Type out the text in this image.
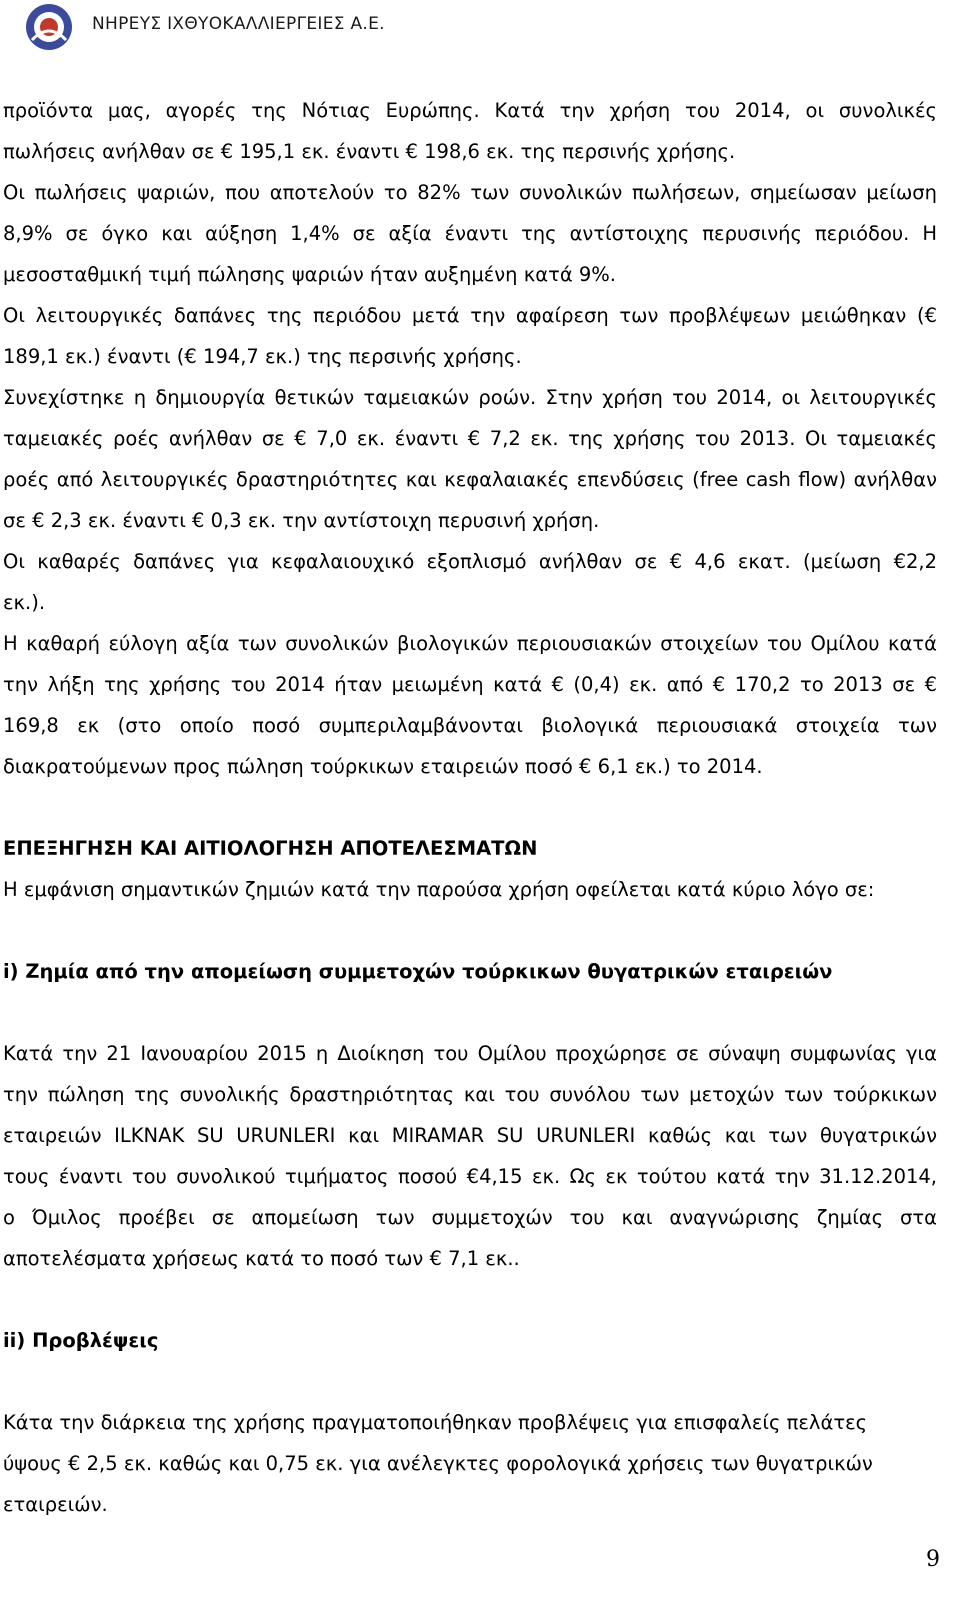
ΝΗΡΕΥΣ ΙΧΘΥΟΚΑΛΛΙΕΡΓΕΙΕΣ Α.Ε.

προϊόντα μας, αγορές της Νότιας Ευρώπης. Κατά την χρήση του 2014, οι συνολικές

πωλήσεις ανήλθαν σε € 195,1 εκ. έναντι € 198,6 εκ. της περσινής χρήσης.

Οι πωλήσεις ψαριών, που αποτελούν το 82% των συνολικών πωλήσεων, σημείωσαν μείωση

8,9% σε όγκο και αύξηση 1,4% σε αξία έναντι της αντίστοιχης περυσινής περιόδου. Η

μεσοσταθμική τιμή πώλησης ψαριών ήταν αυξημένη κατά 9%.

Οι λειτουργικές δαπάνες της περιόδου μετά την αφαίρεση των προβλέψεων μειώθηκαν (€

189,1 εκ.) έναντι (€ 194,7 εκ.) της περσινής χρήσης.

Συνεχίστηκε η δημιουργία θετικών ταμειακών ροών. Στην χρήση του 2014, οι λειτουργικές

ταμειακές ροές ανήλθαν σε € 7,0 εκ. έναντι € 7,2 εκ. της χρήσης του 2013. Οι ταμειακές

ροές από λειτουργικές δραστηριότητες και κεφαλαιακές επενδύσεις (free cash flow) ανήλθαν

σε € 2,3 εκ. έναντι € 0,3 εκ. την αντίστοιχη περυσινή χρήση.

Οι καθαρές δαπάνες για κεφαλαιουχικό εξοπλισμό ανήλθαν σε € 4,6 εκατ. (μείωση €2,2

εκ.).

Η καθαρή εύλογη αξία των συνολικών βιολογικών περιουσιακών στοιχείων του Ομίλου κατά

την λήξη της χρήσης του 2014 ήταν μειωμένη κατά € (0,4) εκ. από € 170,2 το 2013 σε €

169,8 εκ (στο οποίο ποσό συμπεριλαμβάνονται βιολογικά περιουσιακά στοιχεία των

διακρατούμενων προς πώληση τούρκικων εταιρειών ποσό € 6,1 εκ.) το 2014.

ΕΠΕΞΗΓΗΣΗ ΚΑΙ ΑΙΤΙΟΛΟΓΗΣΗ ΑΠΟΤΕΛΕΣΜΑΤΩΝ

Η εμφάνιση σημαντικών ζημιών κατά την παρούσα χρήση οφείλεται κατά κύριο λόγο σε:

i) Ζημία από την απομείωση συμμετοχών τούρκικων θυγατρικών εταιρειών

Κατά την 21 Ιανουαρίου 2015 η Διοίκηση του Ομίλου προχώρησε σε σύναψη συμφωνίας για

την πώληση της συνολικής δραστηριότητας και του συνόλου των μετοχών των τούρκικων

εταιρειών ILKNAK SU URUNLERI και MIRAMAR SU URUNLERI καθώς και των θυγατρικών

τους έναντι του συνολικού τιμήματος ποσού €4,15 εκ. Ως εκ τούτου κατά την 31.12.2014,

ο Όμιλος προέβει σε απομείωση των συμμετοχών του και αναγνώρισης ζημίας στα

αποτελέσματα χρήσεως κατά το ποσό των € 7,1 εκ..

ii) Προβλέψεις

Κάτα την διάρκεια της χρήσης πραγματοποιήθηκαν προβλέψεις για επισφαλείς πελάτες

ύψους € 2,5 εκ. καθώς και 0,75 εκ. για ανέλεγκτες φορολογικά χρήσεις των θυγατρικών

εταιρειών.

9
